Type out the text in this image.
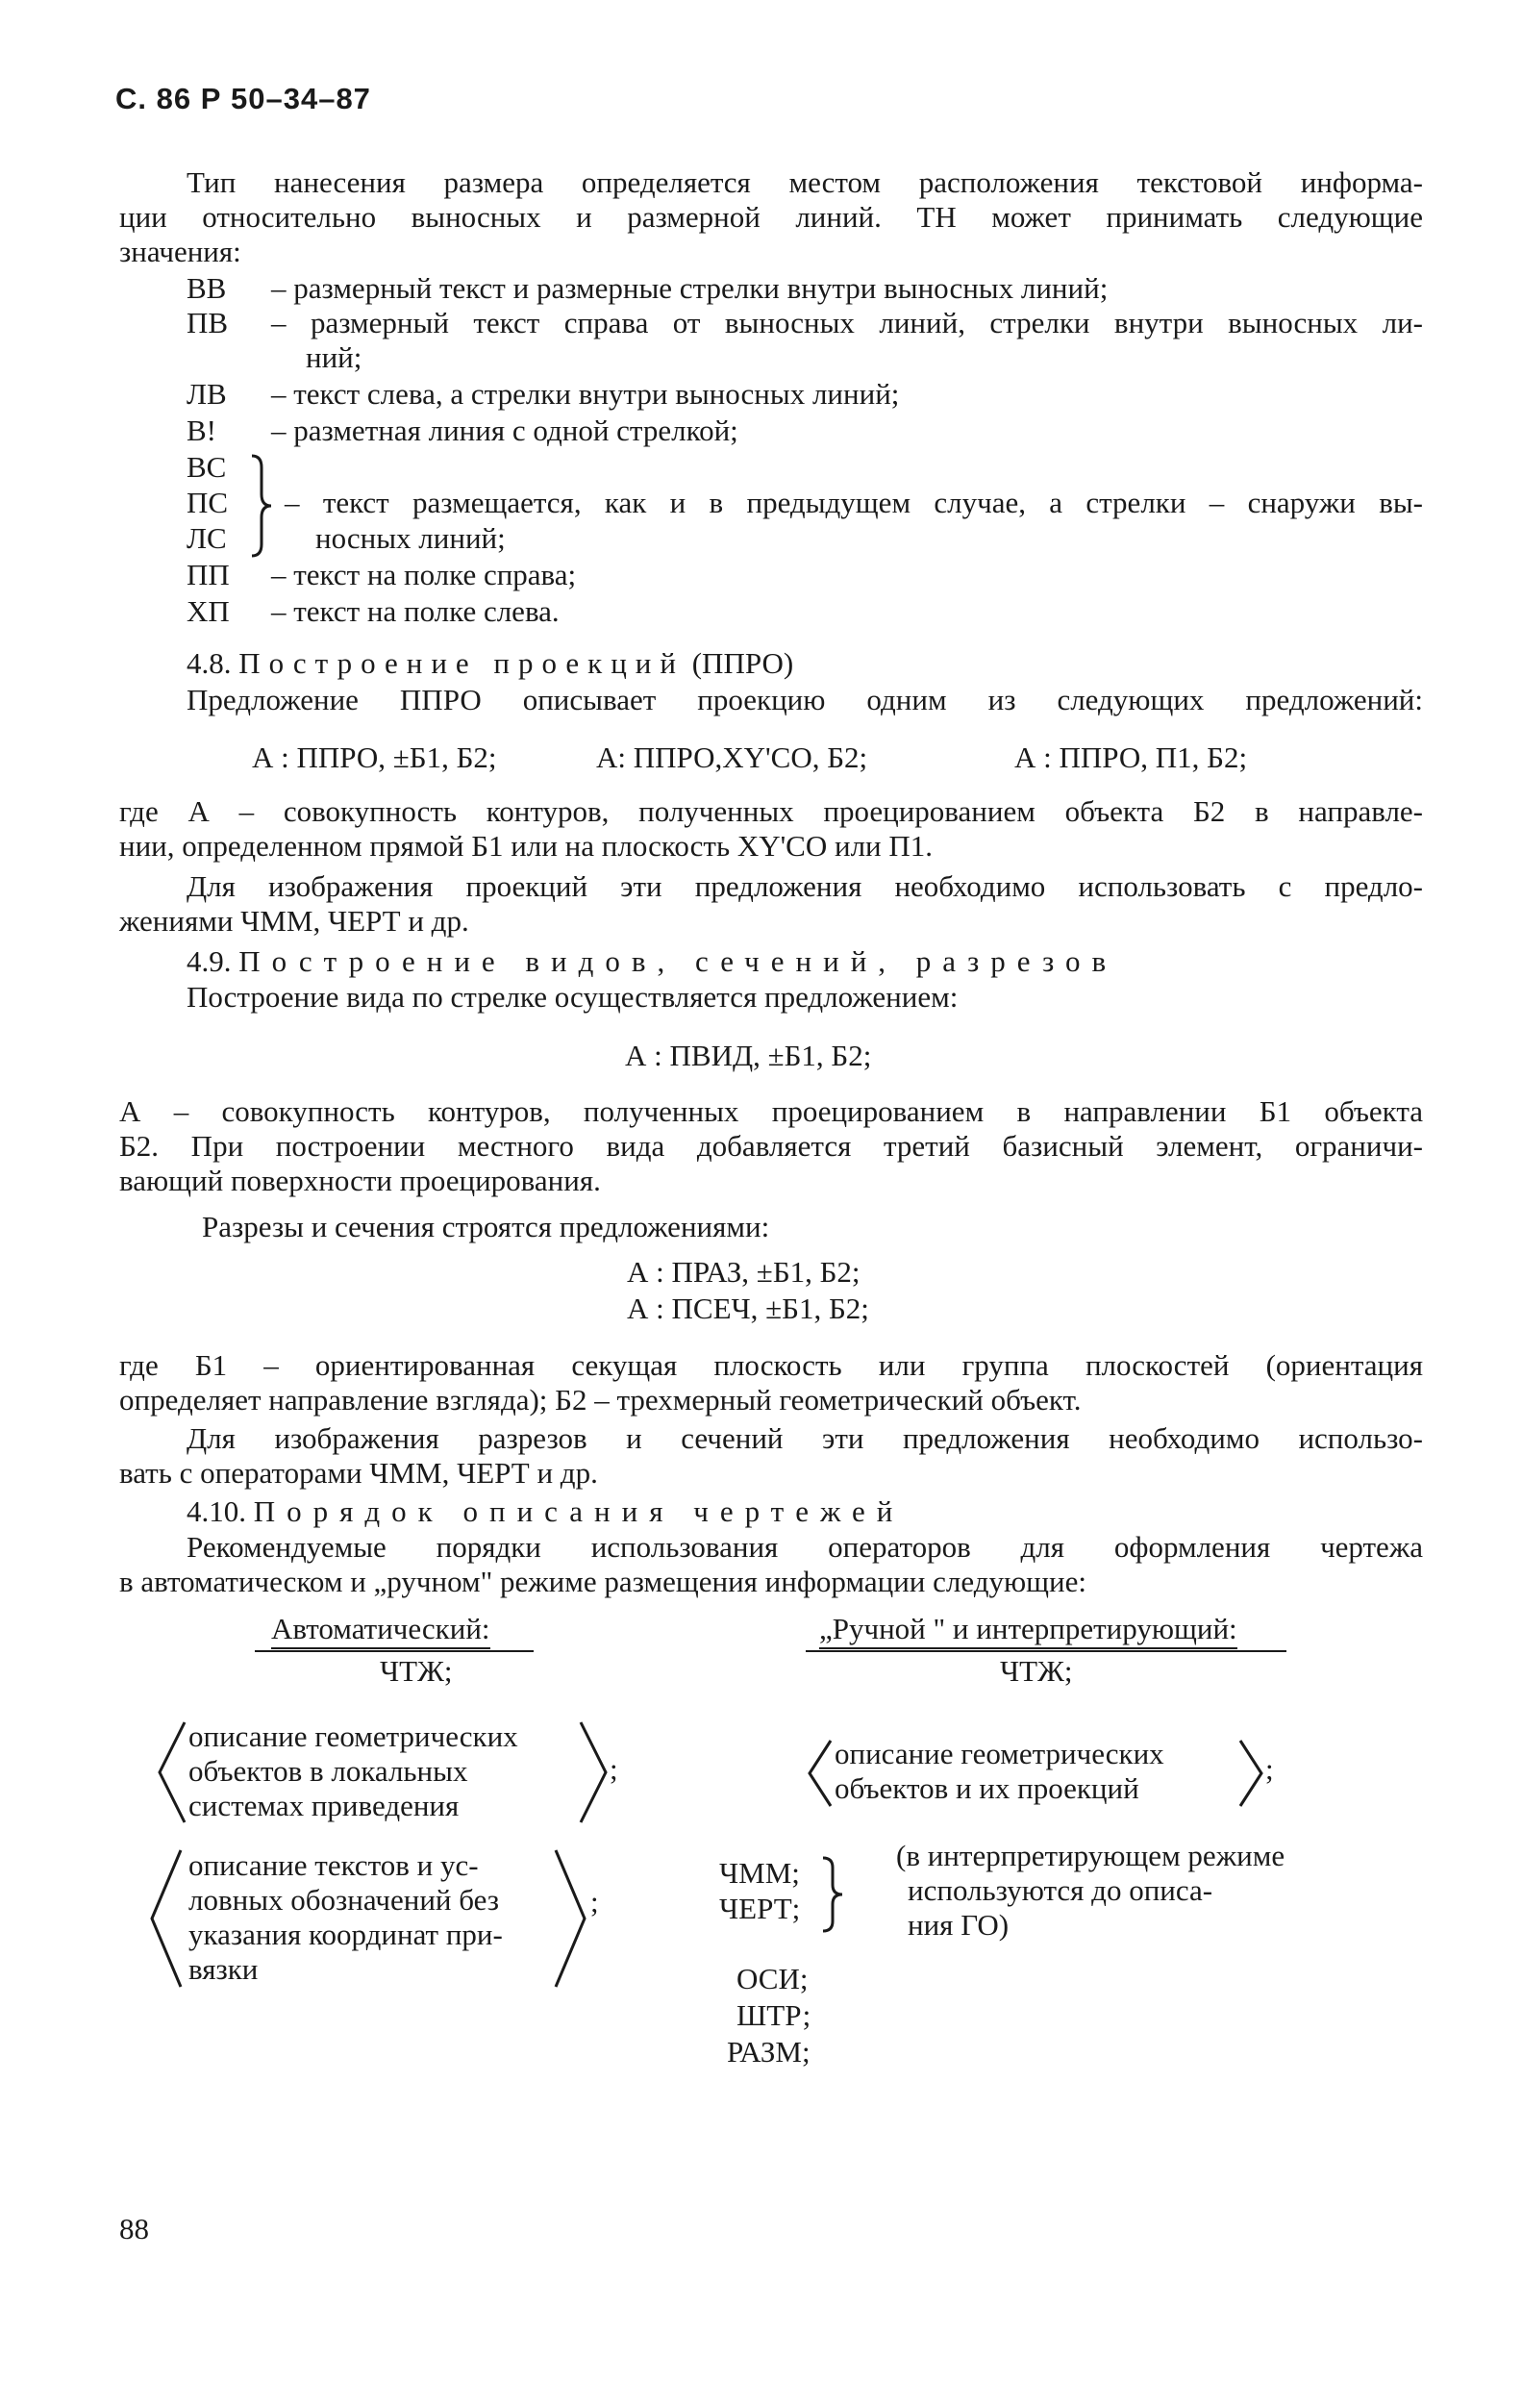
С. 86 Р 50–34–87
Тип нанесения размера определяется местом расположения текстовой информа-
ции относительно выносных и размерной линий. ТН может принимать следующие
значения:
ВВ – размерный текст и размерные стрелки внутри выносных линий;
ПВ – размерный текст справа от выносных линий, стрелки внутри выносных ли-
ний;
ЛВ – текст слева, а стрелки внутри выносных линий;
В! – разметная линия с одной стрелкой;
ВС
ПС
ЛС
– текст размещается, как и в предыдущем случае, а стрелки – снаружи вы-
носных линий;
ПП – текст на полке справа;
ХП – текст на полке слева.
4.8. Построение проекций (ППРО)
Предложение ППРО описывает проекцию одним из следующих предложений:
А : ППРО, ±Б1, Б2;	А: ППРО,ХY'СО, Б2;	А : ППРО, П1, Б2;
где А – совокупность контуров, полученных проецированием объекта Б2 в направле-
нии, определенном прямой Б1 или на плоскость ХY'СО или П1.
Для изображения проекций эти предложения необходимо использовать с предло-
жениями ЧММ, ЧЕРТ и др.
4.9. Построение видов, сечений, разрезов
Построение вида по стрелке осуществляется предложением:
А : ПВИД, ±Б1, Б2;
А – совокупность контуров, полученных проецированием в направлении Б1 объекта
Б2. При построении местного вида добавляется третий базисный элемент, ограничи-
вающий поверхности проецирования.
Разрезы и сечения строятся предложениями:
А : ПРАЗ, ±Б1, Б2;
А : ПСЕЧ, ±Б1, Б2;
где Б1 – ориентированная секущая плоскость или группа плоскостей (ориентация
определяет направление взгляда); Б2 – трехмерный геометрический объект.
Для изображения разрезов и сечений эти предложения необходимо использо-
вать с операторами ЧММ, ЧЕРТ и др.
4.10. Порядок описания чертежей
Рекомендуемые порядки использования операторов для оформления чертежа
в автоматическом и „ручном" режиме размещения информации следующие:
Автоматический:
ЧТЖ;
описание геометрических
объектов в локальных
системах приведения
;
описание текстов и ус-
ловных обозначений без
указания координат при-
вязки
;
„Ручной " и интерпретирующий:
ЧТЖ;
описание геометрических
объектов и их проекций
;
ЧММ;
ЧЕРТ;
(в интерпретирующем режиме
используются до описа-
ния ГО)
ОСИ;
ШТР;
РАЗМ;
88
